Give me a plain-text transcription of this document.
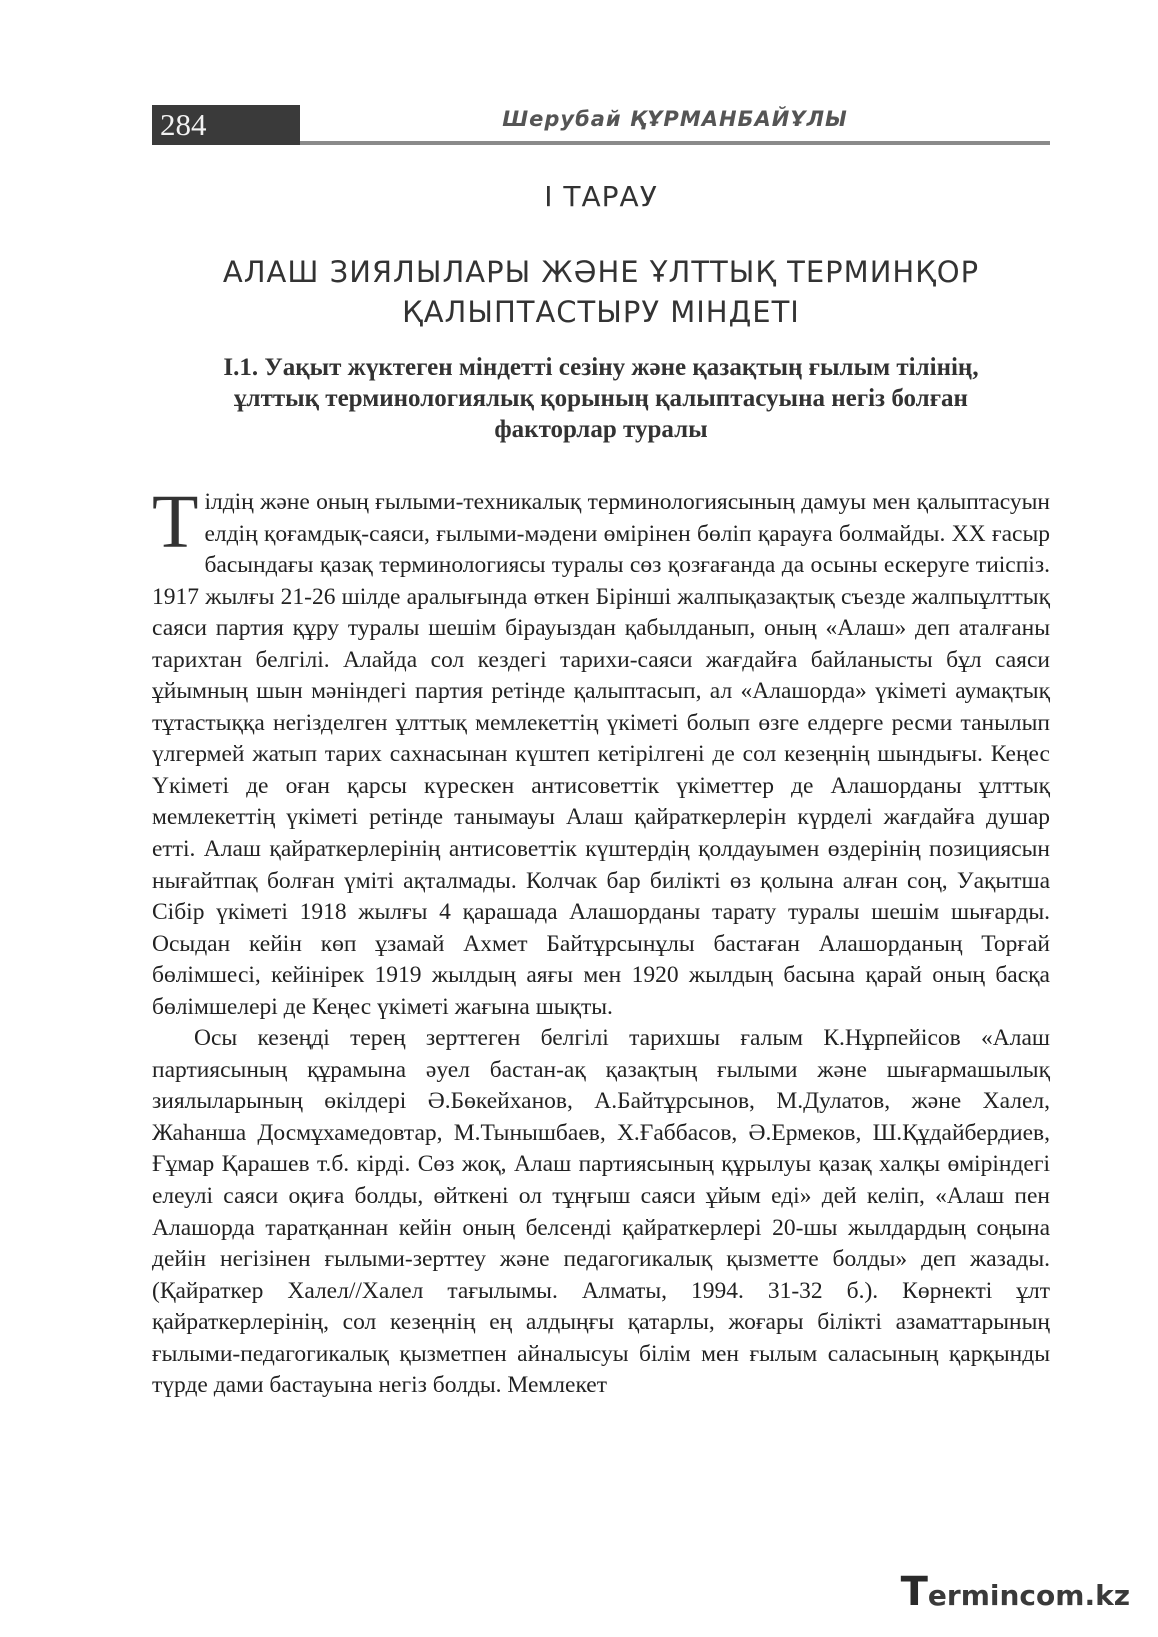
284	Шерубай ҚҰРМАНБАЙҰЛЫ
I ТАРАУ
АЛАШ ЗИЯЛЫЛАРЫ ЖӘНЕ ҰЛТТЫҚ ТЕРМИНҚОР
ҚАЛЫПТАСТЫРУ МІНДЕТІ
І.1. Уақыт жүктеген міндетті сезіну және қазақтың ғылым тілінің,
ұлттық терминологиялық қорының қалыптасуына негіз болған
факторлар туралы

Тілдің және оның ғылыми-техникалық терминологиясының дамуы мен қалыптасуын елдің қоғамдық-саяси, ғылыми-мәдени өмірінен бөліп қарауға болмайды. XX ғасыр басындағы қазақ терминологиясы туралы сөз қозғағанда да осыны ескеруге тиіспіз. 1917 жылғы 21-26 шілде аралығында өткен Бірінші жалпықазақтық съезде жалпыұлттық саяси партия құру туралы шешім бірауыздан қабылданып, оның «Алаш» деп аталғаны тарихтан белгілі. Алайда сол кездегі тарихи-саяси жағдайға байланысты бұл саяси ұйымның шын мәніндегі партия ретінде қалыптасып, ал «Алашорда» үкіметі аумақтық тұтастыққа негізделген ұлттық мемлекеттің үкіметі болып өзге елдерге ресми танылып үлгермей жатып тарих сахнасынан күштеп кетірілгені де сол кезеңнің шындығы. Кеңес Үкіметі де оған қарсы күрескен антисоветтік үкіметтер де Алашорданы ұлттық мемлекеттің үкіметі ретінде танымауы Алаш қайраткерлерін күрделі жағдайға душар етті. Алаш қайраткерлерінің антисоветтік күштердің қолдауымен өздерінің позициясын нығайтпақ болған үміті ақталмады. Колчак бар билікті өз қолына алған соң, Уақытша Сібір үкіметі 1918 жылғы 4 қарашада Алашорданы тарату туралы шешім шығарды. Осыдан кейін көп ұзамай Ахмет Байтұрсынұлы бастаған Алашорданың Торғай бөлімшесі, кейінірек 1919 жылдың аяғы мен 1920 жылдың басына қарай оның басқа бөлімшелері де Кеңес үкіметі жағына шықты.

Осы кезеңді терең зерттеген белгілі тарихшы ғалым К.Нұрпейісов «Алаш партиясының құрамына әуел бастан-ақ қазақтың ғылыми және шығармашылық зиялыларының өкілдері Ә.Бөкейханов, А.Байтұрсынов, М.Дулатов, және Халел, Жаһанша Досмұхамедовтар, М.Тынышбаев, Х.Ғаббасов, Ә.Ермеков, Ш.Құдайбердиев, Ғұмар Қарашев т.б. кірді. Сөз жоқ, Алаш партиясының құрылуы қазақ халқы өміріндегі елеулі саяси оқиға болды, өйткені ол тұңғыш саяси ұйым еді» дей келіп, «Алаш пен Алашорда таратқаннан кейін оның белсенді қайраткерлері 20-шы жылдардың соңына дейін негізінен ғылыми-зерттеу және педагогикалық қызметте болды» деп жазады. (Қайраткер Халел//Халел тағылымы. Алматы, 1994. 31-32 б.). Көрнекті ұлт қайраткерлерінің, сол кезеңнің ең алдыңғы қатарлы, жоғары білікті азаматтарының ғылыми-педагогикалық қызметпен айналысуы білім мен ғылым саласының қарқынды түрде дами бастауына негіз болды. Мемлекет

Termincom.kz
